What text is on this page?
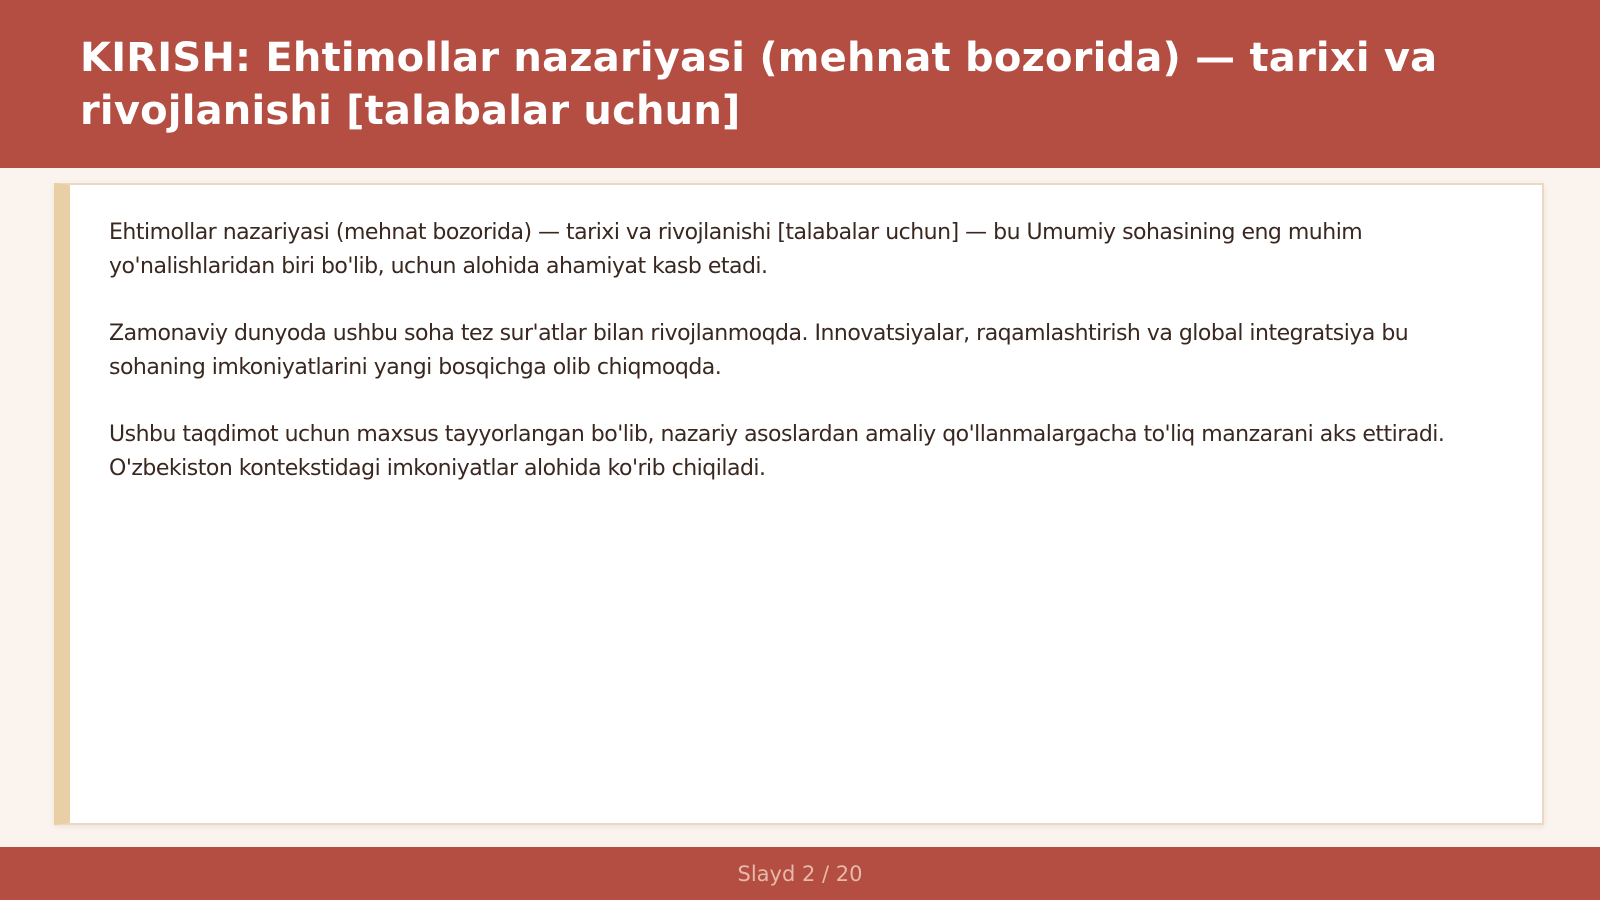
KIRISH: Ehtimollar nazariyasi (mehnat bozorida) — tarixi va rivojlanishi [talabalar uchun]

Ehtimollar nazariyasi (mehnat bozorida) — tarixi va rivojlanishi [talabalar uchun] — bu Umumiy sohasining eng muhim yo'nalishlaridan biri bo'lib, uchun alohida ahamiyat kasb etadi.

Zamonaviy dunyoda ushbu soha tez sur'atlar bilan rivojlanmoqda. Innovatsiyalar, raqamlashtirish va global integratsiya bu sohaning imkoniyatlarini yangi bosqichga olib chiqmoqda.

Ushbu taqdimot uchun maxsus tayyorlangan bo'lib, nazariy asoslardan amaliy qo'llanmalargacha to'liq manzarani aks ettiradi. O'zbekiston kontekstidagi imkoniyatlar alohida ko'rib chiqiladi.

Slayd 2 / 20
